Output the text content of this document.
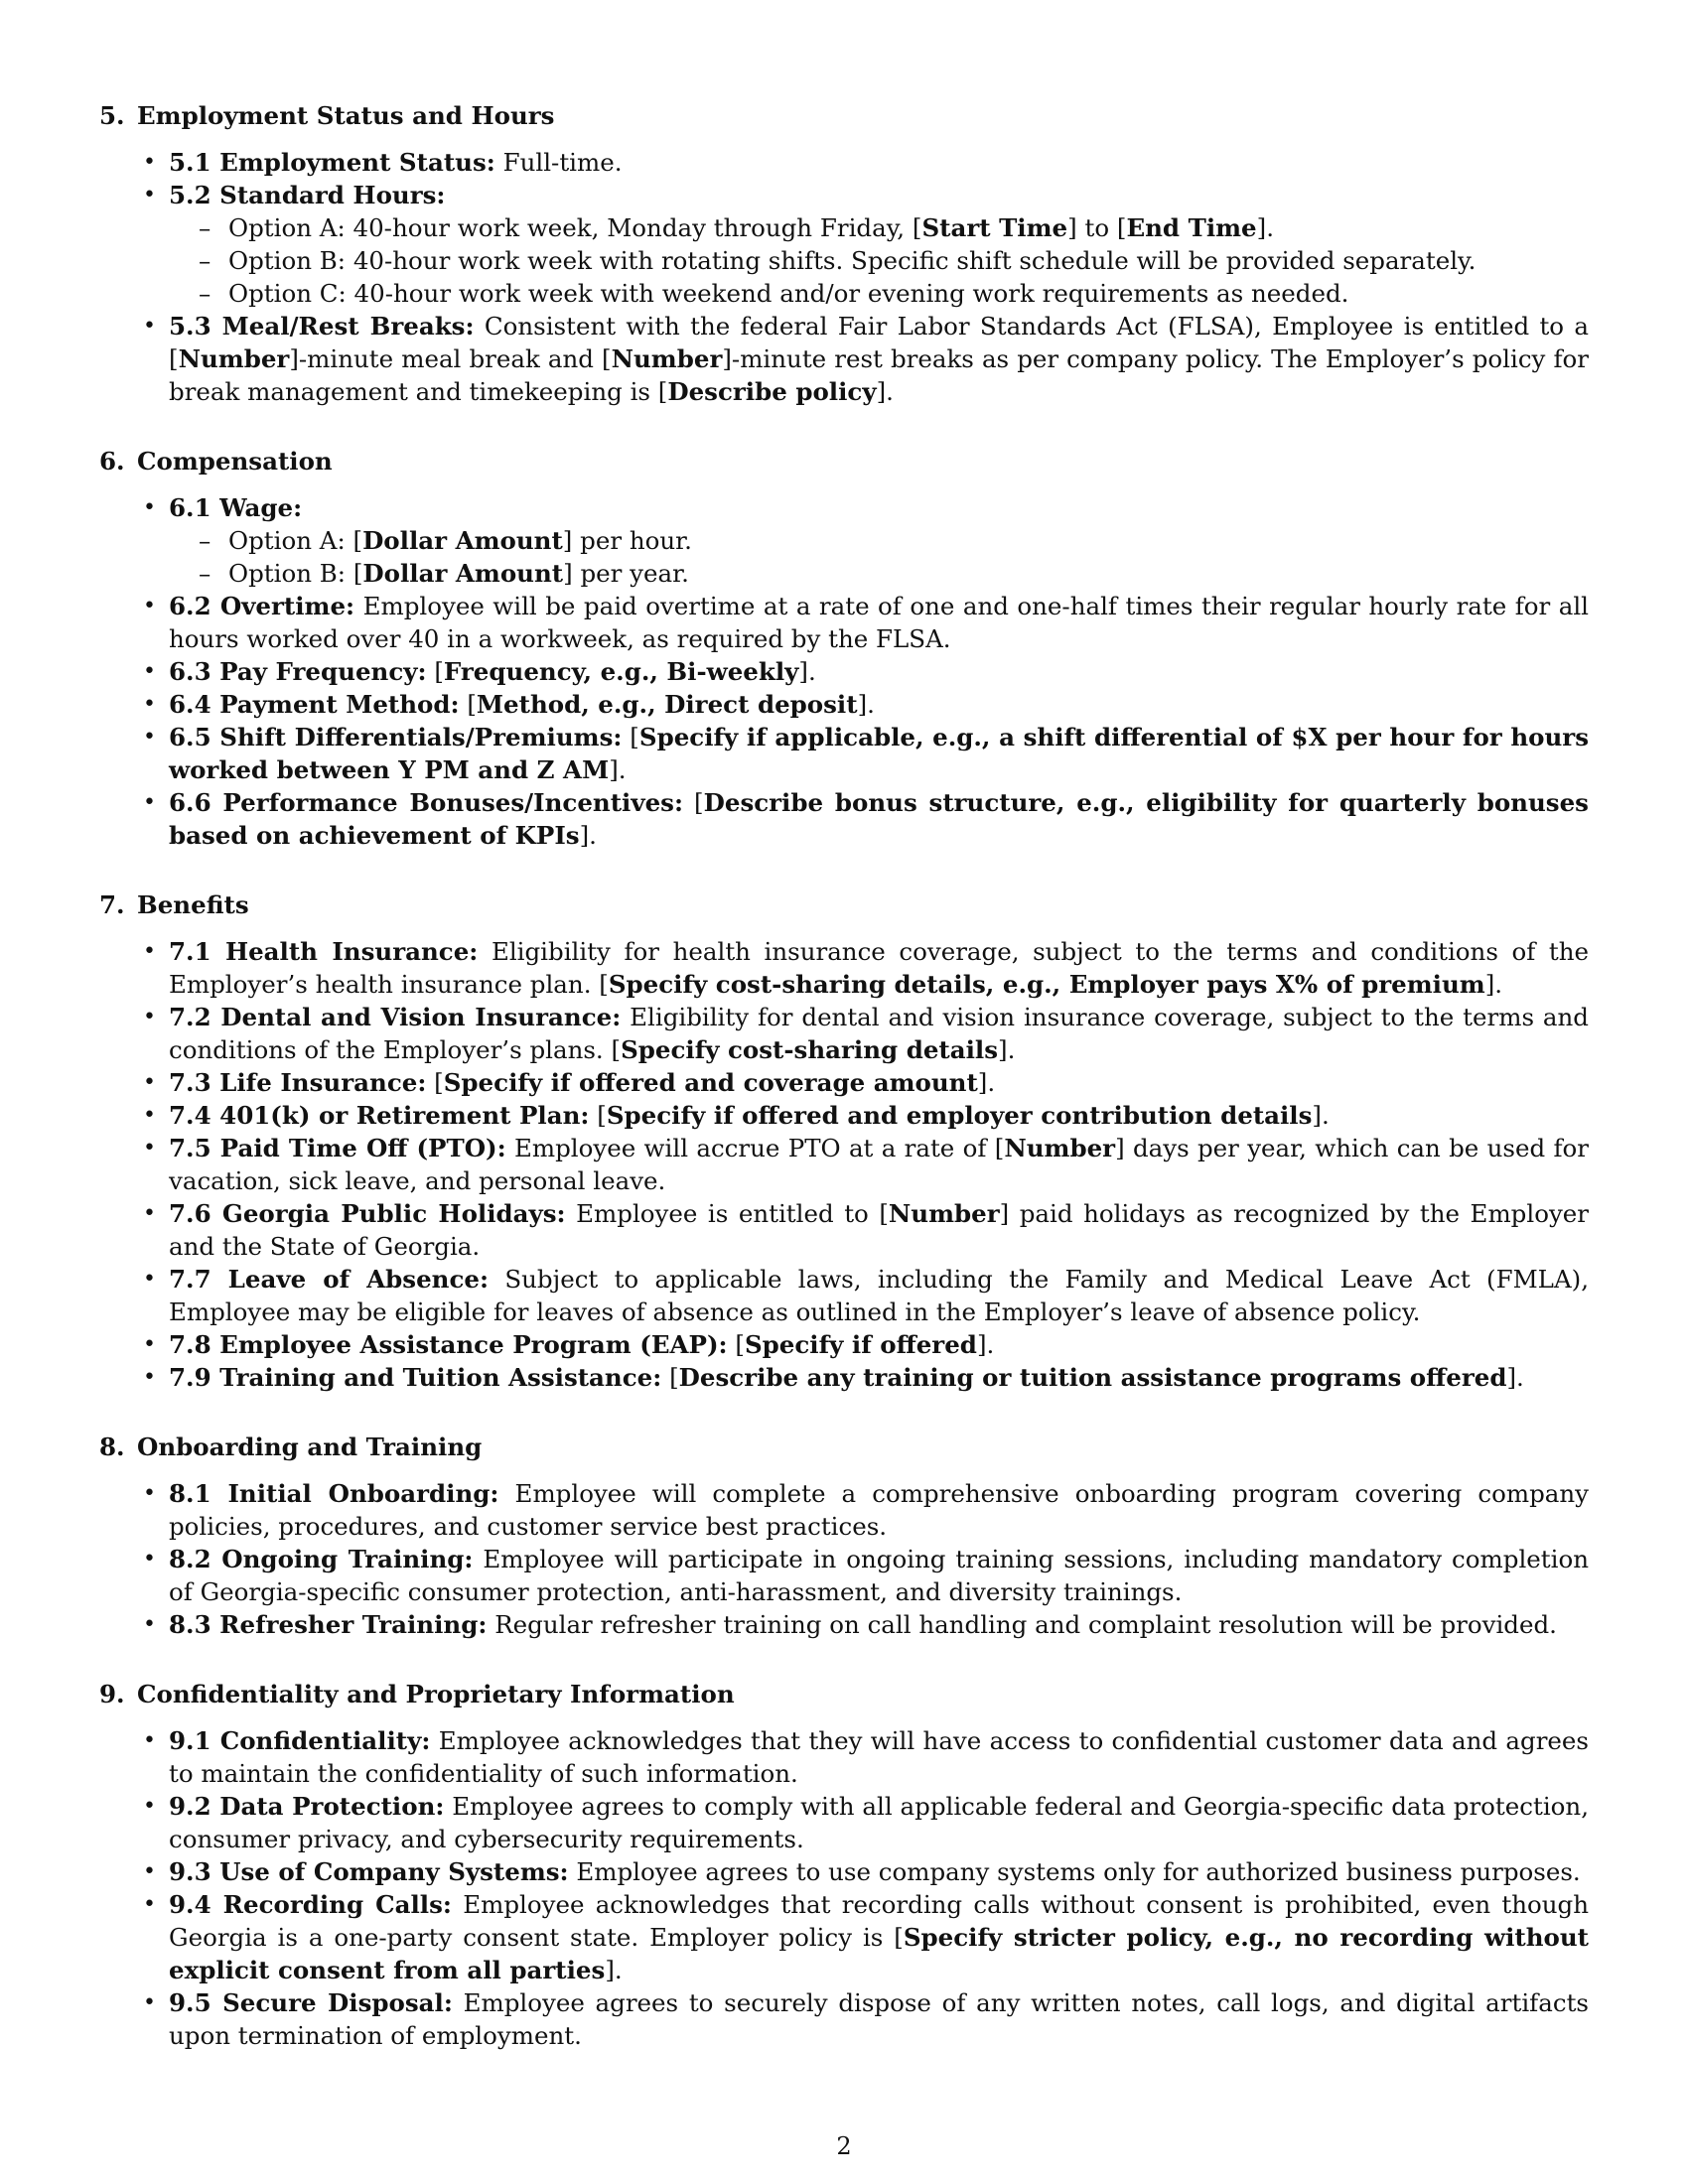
5. Employment Status and Hours
• 5.1 Employment Status: Full-time.
• 5.2 Standard Hours:
– Option A: 40-hour work week, Monday through Friday, [Start Time] to [End Time].
– Option B: 40-hour work week with rotating shifts. Specific shift schedule will be provided separately.
– Option C: 40-hour work week with weekend and/or evening work requirements as needed.
• 5.3 Meal/Rest Breaks: Consistent with the federal Fair Labor Standards Act (FLSA), Employee is entitled to a [Number]-minute meal break and [Number]-minute rest breaks as per company policy. The Employer’s policy for break management and timekeeping is [Describe policy].
6. Compensation
• 6.1 Wage:
– Option A: [Dollar Amount] per hour.
– Option B: [Dollar Amount] per year.
• 6.2 Overtime: Employee will be paid overtime at a rate of one and one-half times their regular hourly rate for all hours worked over 40 in a workweek, as required by the FLSA.
• 6.3 Pay Frequency: [Frequency, e.g., Bi-weekly].
• 6.4 Payment Method: [Method, e.g., Direct deposit].
• 6.5 Shift Differentials/Premiums: [Specify if applicable, e.g., a shift differential of $X per hour for hours worked between Y PM and Z AM].
• 6.6 Performance Bonuses/Incentives: [Describe bonus structure, e.g., eligibility for quarterly bonuses based on achievement of KPIs].
7. Benefits
• 7.1 Health Insurance: Eligibility for health insurance coverage, subject to the terms and conditions of the Employer’s health insurance plan. [Specify cost-sharing details, e.g., Employer pays X% of premium].
• 7.2 Dental and Vision Insurance: Eligibility for dental and vision insurance coverage, subject to the terms and conditions of the Employer’s plans. [Specify cost-sharing details].
• 7.3 Life Insurance: [Specify if offered and coverage amount].
• 7.4 401(k) or Retirement Plan: [Specify if offered and employer contribution details].
• 7.5 Paid Time Off (PTO): Employee will accrue PTO at a rate of [Number] days per year, which can be used for vacation, sick leave, and personal leave.
• 7.6 Georgia Public Holidays: Employee is entitled to [Number] paid holidays as recognized by the Employer and the State of Georgia.
• 7.7 Leave of Absence: Subject to applicable laws, including the Family and Medical Leave Act (FMLA), Employee may be eligible for leaves of absence as outlined in the Employer’s leave of absence policy.
• 7.8 Employee Assistance Program (EAP): [Specify if offered].
• 7.9 Training and Tuition Assistance: [Describe any training or tuition assistance programs offered].
8. Onboarding and Training
• 8.1 Initial Onboarding: Employee will complete a comprehensive onboarding program covering company policies, procedures, and customer service best practices.
• 8.2 Ongoing Training: Employee will participate in ongoing training sessions, including mandatory completion of Georgia-specific consumer protection, anti-harassment, and diversity trainings.
• 8.3 Refresher Training: Regular refresher training on call handling and complaint resolution will be provided.
9. Confidentiality and Proprietary Information
• 9.1 Confidentiality: Employee acknowledges that they will have access to confidential customer data and agrees to maintain the confidentiality of such information.
• 9.2 Data Protection: Employee agrees to comply with all applicable federal and Georgia-specific data protection, consumer privacy, and cybersecurity requirements.
• 9.3 Use of Company Systems: Employee agrees to use company systems only for authorized business purposes.
• 9.4 Recording Calls: Employee acknowledges that recording calls without consent is prohibited, even though Georgia is a one-party consent state. Employer policy is [Specify stricter policy, e.g., no recording without explicit consent from all parties].
• 9.5 Secure Disposal: Employee agrees to securely dispose of any written notes, call logs, and digital artifacts upon termination of employment.
2
